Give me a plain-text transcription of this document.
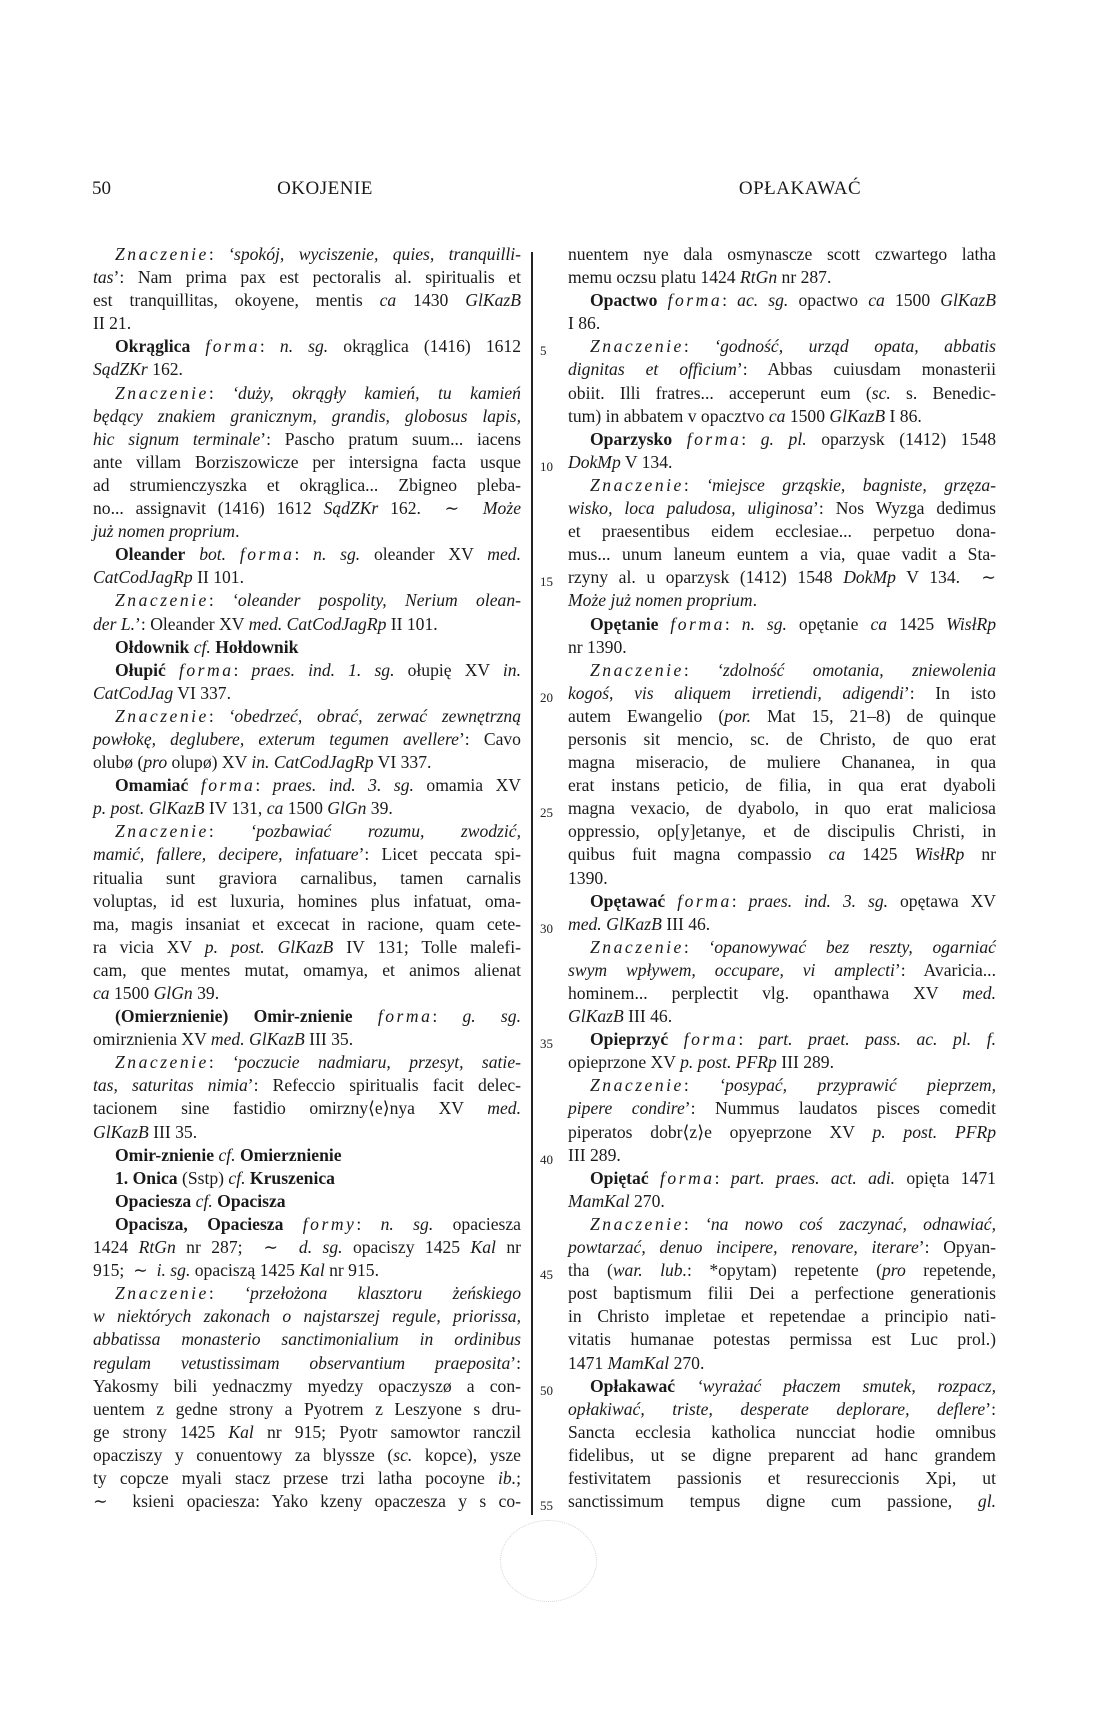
50	OKOJENIE	OPŁAKAWAĆ
Znaczenie: ‘spokój, wyciszenie, quies, tranquilli-
tas’: Nam prima pax est pectoralis al. spiritualis et
est tranquillitas, okoyene, mentis ca 1430 GlKazB
II 21.
Okrąglica forma: n. sg. okrąglica (1416) 1612
SądZKr 162.
Znaczenie: ‘duży, okrągły kamień, tu kamień
będący znakiem granicznym, grandis, globosus lapis,
hic signum terminale’: Pascho pratum suum... iacens
ante villam Borziszowicze per intersigna facta usque
ad strumienczyszka et okrąglica... Zbigneo pleba-
no... assignavit (1416) 1612 SądZKr 162.  ∼  Może
już nomen proprium.
Oleander bot. forma: n. sg. oleander XV med.
CatCodJagRp II 101.
Znaczenie: ‘oleander pospolity, Nerium olean-
der L.’: Oleander XV med. CatCodJagRp II 101.
Ołdownik cf. Hołdownik
Ołupić forma: praes. ind. 1. sg. ołupię XV in.
CatCodJag VI 337.
Znaczenie: ‘obedrzeć, obrać, zerwać zewnętrzną
powłokę, deglubere, exterum tegumen avellere’: Cavo
olubø (pro olupø) XV in. CatCodJagRp VI 337.
Omamiać forma: praes. ind. 3. sg. omamia XV
p. post. GlKazB IV 131, ca 1500 GlGn 39.
Znaczenie: ‘pozbawiać rozumu, zwodzić,
mamić, fallere, decipere, infatuare’: Licet peccata spi-
ritualia sunt graviora carnalibus, tamen carnalis
voluptas, id est luxuria, homines plus infatuat, oma-
ma, magis insaniat et excecat in racione, quam cete-
ra vicia XV p. post. GlKazB IV 131; Tolle malefi-
cam, que mentes mutat, omamya, et animos alienat
ca 1500 GlGn 39.
(Omierznienie) Omir-znienie forma: g. sg.
omirznienia XV med. GlKazB III 35.
Znaczenie: ‘poczucie nadmiaru, przesyt, satie-
tas, saturitas nimia’: Refeccio spiritualis facit delec-
tacionem sine fastidio omirzny⟨e⟩nya XV med.
GlKazB III 35.
Omir-znienie cf. Omierznienie
1. Onica (Sstp) cf. Kruszenica
Opaciesza cf. Opacisza
Opacisza, Opaciesza formy: n. sg. opaciesza
1424 RtGn nr 287;  ∼  d. sg. opaciszy 1425 Kal nr
915;  ∼  i. sg. opaciszą 1425 Kal nr 915.
Znaczenie: ‘przełożona klasztoru żeńskiego
w niektórych zakonach o najstarszej regule, priorissa,
abbatissa monasterio sanctimonialium in ordinibus
regulam vetustissimam observantium praeposita’:
Yakosmy bili yednaczmy myedzy opaczyszø a con-
uentem z gedne strony a Pyotrem z Leszyone s dru-
ge strony 1425 Kal nr 915; Pyotr samowtor ranczil
opacziszy y conuentowy za blyssze (sc. kopce), ysze
ty copcze myali stacz przese trzi latha pocoyne ib.;
∼  ksieni opaciesza: Yako kzeny opaczesza y s co-
5
10
15
20
25
30
35
40
45
50
55
nuentem nye dala osmynascze scott czwartego latha
memu oczsu platu 1424 RtGn nr 287.
Opactwo forma: ac. sg. opactwo ca 1500 GlKazB
I 86.
Znaczenie: ‘godność, urząd opata, abbatis
dignitas et officium’: Abbas cuiusdam monasterii
obiit. Illi fratres... acceperunt eum (sc. s. Benedic-
tum) in abbatem v opacztvo ca 1500 GlKazB I 86.
Oparzysko forma: g. pl. oparzysk (1412) 1548
DokMp V 134.
Znaczenie: ‘miejsce grząskie, bagniste, grzęza-
wisko, loca paludosa, uliginosa’: Nos Wyzga dedimus
et praesentibus eidem ecclesiae... perpetuo dona-
mus... unum laneum euntem a via, quae vadit a Sta-
rzyny al. u oparzysk (1412) 1548 DokMp V 134.  ∼
Może już nomen proprium.
Opętanie forma: n. sg. opętanie ca 1425 WisłRp
nr 1390.
Znaczenie: ‘zdolność omotania, zniewolenia
kogoś, vis aliquem irretiendi, adigendi’: In isto
autem Ewangelio (por. Mat 15, 21–8) de quinque
personis sit mencio, sc. de Christo, de quo erat
magna miseracio, de muliere Chananea, in qua
erat instans peticio, de filia, in qua erat dyaboli
magna vexacio, de dyabolo, in quo erat maliciosa
oppressio, op[y]etanye, et de discipulis Christi, in
quibus fuit magna compassio ca 1425 WisłRp nr
1390.
Opętawać forma: praes. ind. 3. sg. opętawa XV
med. GlKazB III 46.
Znaczenie: ‘opanowywać bez reszty, ogarniać
swym wpływem, occupare, vi amplecti’: Avaricia...
hominem... perplectit vlg. opanthawa XV med.
GlKazB III 46.
Opieprzyć forma: part. praet. pass. ac. pl. f.
opieprzone XV p. post. PFRp III 289.
Znaczenie: ‘posypać, przyprawić pieprzem,
pipere condire’: Nummus laudatos pisces comedit
piperatos dobr⟨z⟩e opyeprzone XV p. post. PFRp
III 289.
Opiętać forma: part. praes. act. adi. opięta 1471
MamKal 270.
Znaczenie: ‘na nowo coś zaczynać, odnawiać,
powtarzać, denuo incipere, renovare, iterare’: Opyan-
tha (war. lub.: *opytam) repetente (pro repetende,
post baptismum filii Dei a perfectione generationis
in Christo impletae et repetendae a principio nati-
vitatis humanae potestas permissa est Luc prol.)
1471 MamKal 270.
Opłakawać ‘wyrażać płaczem smutek, rozpacz,
opłakiwać, triste, desperate deplorare, deflere’:
Sancta ecclesia katholica nuncciat hodie omnibus
fidelibus, ut se digne preparent ad hanc grandem
festivitatem passionis et resureccionis Xpi, ut
sanctissimum tempus digne cum passione, gl.
